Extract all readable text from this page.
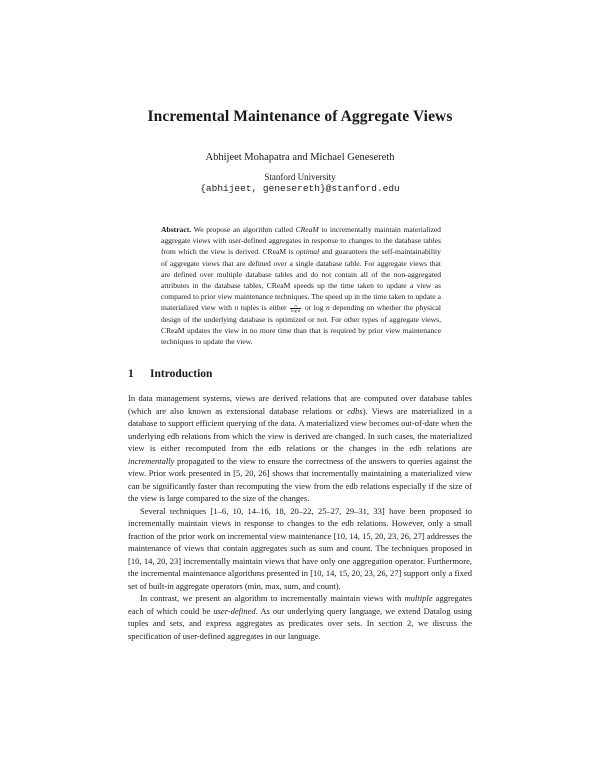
Incremental Maintenance of Aggregate Views
Abhijeet Mohapatra and Michael Genesereth
Stanford University
{abhijeet, genesereth}@stanford.edu
Abstract. We propose an algorithm called CReaM to incrementally maintain materialized aggregate views with user-defined aggregates in response to changes to the database tables from which the view is derived. CReaM is optimal and guarantees the self-maintainability of aggregate views that are defined over a single database table. For aggregate views that are defined over multiple database tables and do not contain all of the non-aggregated attributes in the database tables, CReaM speeds up the time taken to update a view as compared to prior view maintenance techniques. The speed up in the time taken to update a materialized view with n tuples is either $\frac{n}{\text{log n}}$ or log n depending on whether the physical design of the underlying database is optimized or not. For other types of aggregate views, CReaM updates the view in no more time than that is required by prior view maintenance techniques to update the view.
1 Introduction

In data management systems, views are derived relations that are computed over database tables (which are also known as extensional database relations or edbs). Views are materialized in a database to support efficient querying of the data. A materialized view becomes out-of-date when the underlying edb relations from which the view is derived are changed. In such cases, the materialized view is either recomputed from the edb relations or the changes in the edb relations are incrementally propagated to the view to ensure the correctness of the answers to queries against the view. Prior work presented in [5, 20, 26] shows that incrementally maintaining a materialized view can be significantly faster than recomputing the view from the edb relations especially if the size of the view is large compared to the size of the changes.

Several techniques [1–6, 10, 14–16, 18, 20–22, 25–27, 29–31, 33] have been proposed to incrementally maintain views in response to changes to the edb relations. However, only a small fraction of the prior work on incremental view maintenance [10, 14, 15, 20, 23, 26, 27] addresses the maintenance of views that contain aggregates such as sum and count. The techniques proposed in [10, 14, 20, 23] incrementally maintain views that have only one aggregation operator. Furthermore, the incremental maintenance algorithms presented in [10, 14, 15, 20, 23, 26, 27] support only a fixed set of built-in aggregate operators (min, max, sum, and count).

In contrast, we present an algorithm to incrementally maintain views with multiple aggregates each of which could be user-defined. As our underlying query language, we extend Datalog using tuples and sets, and express aggregates as predicates over sets. In section 2, we discuss the specification of user-defined aggregates in our language.
